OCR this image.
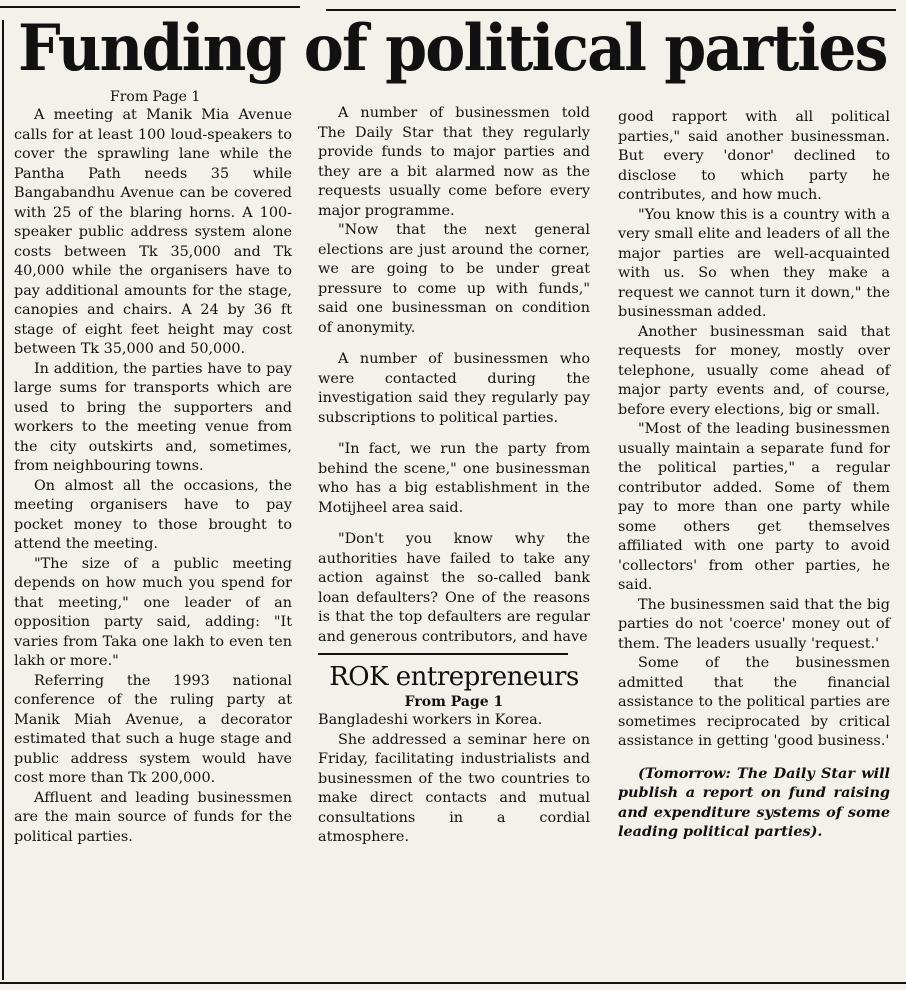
Funding of political parties
From Page 1

A meeting at Manik Mia Avenue calls for at least 100 loud-speakers to cover the sprawling lane while the Pantha Path needs 35 while Bangabandhu Avenue can be covered with 25 of the blaring horns. A 100-speaker public address system alone costs between Tk 35,000 and Tk 40,000 while the organisers have to pay additional amounts for the stage, canopies and chairs. A 24 by 36 ft stage of eight feet height may cost between Tk 35,000 and 50,000.

In addition, the parties have to pay large sums for transports which are used to bring the supporters and workers to the meeting venue from the city outskirts and, sometimes, from neighbouring towns.

On almost all the occasions, the meeting organisers have to pay pocket money to those brought to attend the meeting.

"The size of a public meeting depends on how much you spend for that meeting," one leader of an opposition party said, adding: "It varies from Taka one lakh to even ten lakh or more."

Referring the 1993 national conference of the ruling party at Manik Miah Avenue, a decorator estimated that such a huge stage and public address system would have cost more than Tk 200,000.

Affluent and leading businessmen are the main source of funds for the political parties.

A number of businessmen told The Daily Star that they regularly provide funds to major parties and they are a bit alarmed now as the requests usually come before every major programme.

"Now that the next general elections are just around the corner, we are going to be under great pressure to come up with funds," said one businessman on condition of anonymity.

A number of businessmen who were contacted during the investigation said they regularly pay subscriptions to political parties.

"In fact, we run the party from behind the scene," one businessman who has a big establishment in the Motijheel area said.

"Don't you know why the authorities have failed to take any action against the so-called bank loan defaulters? One of the reasons is that the top defaulters are regular and generous contributors, and have

ROK entrepreneurs
From Page 1

Bangladeshi workers in Korea.

She addressed a seminar here on Friday, facilitating industrialists and businessmen of the two countries to make direct contacts and mutual consultations in a cordial atmosphere.

good rapport with all political parties," said another businessman. But every 'donor' declined to disclose to which party he contributes, and how much.

"You know this is a country with a very small elite and leaders of all the major parties are well-acquainted with us. So when they make a request we cannot turn it down," the businessman added.

Another businessman said that requests for money, mostly over telephone, usually come ahead of major party events and, of course, before every elections, big or small.

"Most of the leading businessmen usually maintain a separate fund for the political parties," a regular contributor added. Some of them pay to more than one party while some others get themselves affiliated with one party to avoid 'collectors' from other parties, he said.

The businessmen said that the big parties do not 'coerce' money out of them. The leaders usually 'request.'

Some of the businessmen admitted that the financial assistance to the political parties are sometimes reciprocated by critical assistance in getting 'good business.'

(Tomorrow: The Daily Star will publish a report on fund raising and expenditure systems of some leading political parties).
